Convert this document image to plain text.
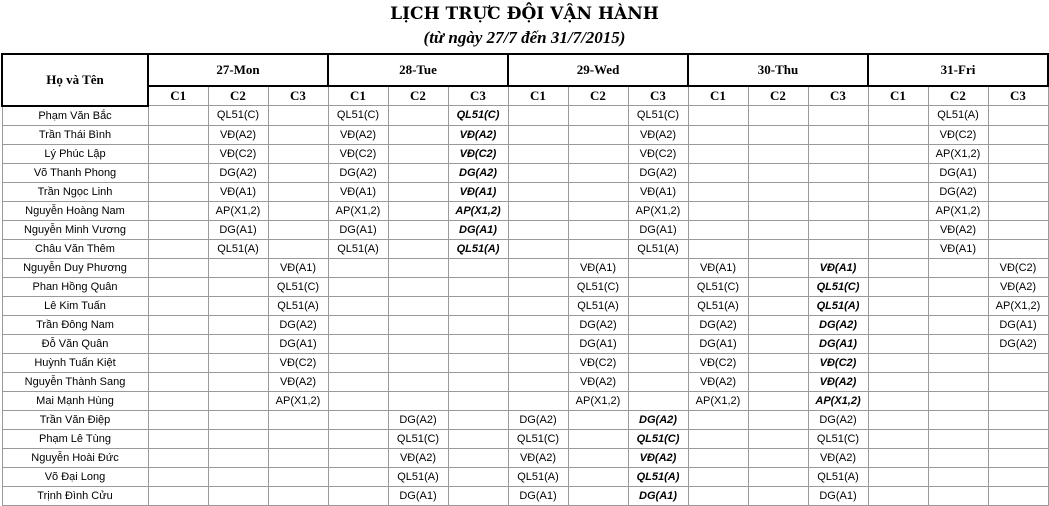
LỊCH TRỰC ĐỘI VẬN HÀNH
(từ ngày 27/7 đến 31/7/2015)
Họ và Tên	27-Mon			28-Tue			29-Wed			30-Thu			31-Fri		
	C1	C2	C3	C1	C2	C3	C1	C2	C3	C1	C2	C3	C1	C2	C3
Phạm Văn Bắc		QL51(C)		QL51(C)		QL51(C)			QL51(C)					QL51(A)	
Trần Thái Bình		VĐ(A2)		VĐ(A2)		VĐ(A2)			VĐ(A2)					VĐ(C2)	
Lý Phúc Lập		VĐ(C2)		VĐ(C2)		VĐ(C2)			VĐ(C2)					AP(X1,2)	
Võ Thanh Phong		DG(A2)		DG(A2)		DG(A2)			DG(A2)					DG(A1)	
Trần Ngọc Linh		VĐ(A1)		VĐ(A1)		VĐ(A1)			VĐ(A1)					DG(A2)	
Nguyễn Hoàng Nam		AP(X1,2)		AP(X1,2)		AP(X1,2)			AP(X1,2)					AP(X1,2)	
Nguyễn Minh Vương		DG(A1)		DG(A1)		DG(A1)			DG(A1)					VĐ(A2)	
Châu Văn Thêm		QL51(A)		QL51(A)		QL51(A)			QL51(A)					VĐ(A1)	
Nguyễn Duy Phương			VĐ(A1)					VĐ(A1)		VĐ(A1)		VĐ(A1)			VĐ(C2)
Phan Hồng Quân			QL51(C)					QL51(C)		QL51(C)		QL51(C)			VĐ(A2)
Lê Kim Tuấn			QL51(A)					QL51(A)		QL51(A)		QL51(A)			AP(X1,2)
Trần Đông Nam			DG(A2)					DG(A2)		DG(A2)		DG(A2)			DG(A1)
Đỗ Văn Quân			DG(A1)					DG(A1)		DG(A1)		DG(A1)			DG(A2)
Huỳnh Tuấn Kiệt			VĐ(C2)					VĐ(C2)		VĐ(C2)		VĐ(C2)			
Nguyễn Thành Sang			VĐ(A2)					VĐ(A2)		VĐ(A2)		VĐ(A2)			
Mai Mạnh Hùng			AP(X1,2)					AP(X1,2)		AP(X1,2)		AP(X1,2)			
Trần Văn Điệp					DG(A2)		DG(A2)		DG(A2)			DG(A2)			
Phạm Lê Tùng					QL51(C)		QL51(C)		QL51(C)			QL51(C)			
Nguyễn Hoài Đức					VĐ(A2)		VĐ(A2)		VĐ(A2)			VĐ(A2)			
Võ Đại Long					QL51(A)		QL51(A)		QL51(A)			QL51(A)			
Trịnh Đình Cửu					DG(A1)		DG(A1)		DG(A1)			DG(A1)			
